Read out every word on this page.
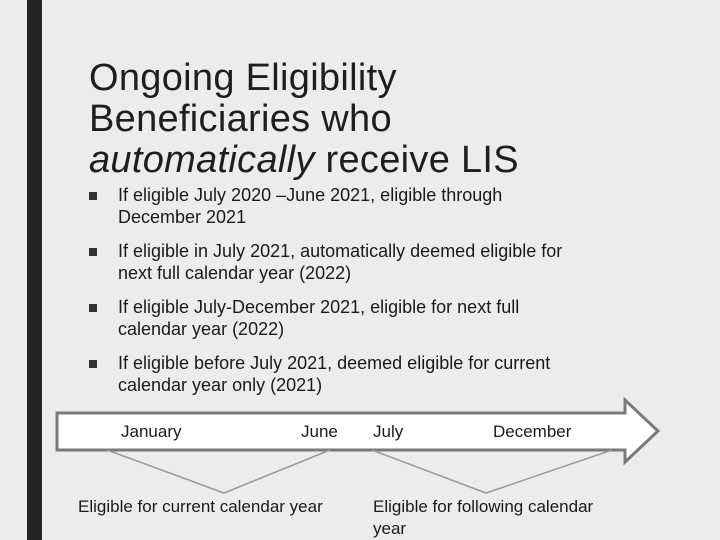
Ongoing Eligibility
Beneficiaries who
automatically receive LIS
If eligible July 2020 –June 2021, eligible through
December 2021
If eligible in July 2021, automatically deemed eligible for
next full calendar year (2022)
If eligible July-December 2021, eligible for next full
calendar year (2022)
If eligible before July 2021, deemed eligible for current
calendar year only (2021)
January	June July	December
Eligible for current calendar year	Eligible for following calendar
year
